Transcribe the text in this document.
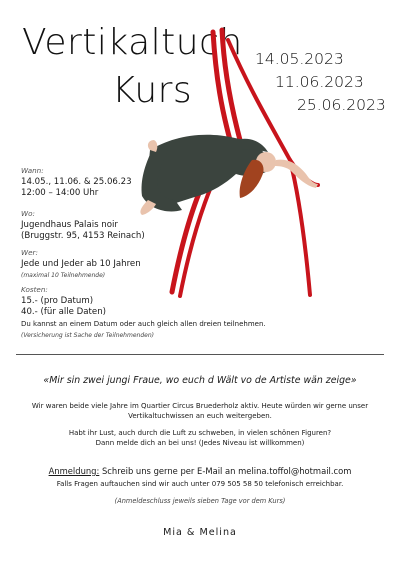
Vertikaltuch
Kurs
14.05.2023
11.06.2023
25.06.2023
Wann:
14.05., 11.06. & 25.06.23
12:00 – 14:00 Uhr
Wo:
Jugendhaus Palais noir
(Bruggstr. 95, 4153 Reinach)
Wer:
Jede und Jeder ab 10 Jahren
(maximal 10 Teilnehmende)
Kosten:
15.- (pro Datum)
40.- (für alle Daten)
Du kannst an einem Datum oder auch gleich allen dreien teilnehmen.
(Versicherung ist Sache der Teilnehmenden)
«Mir sin zwei jungi Fraue, wo euch d Wält vo de Artiste wän zeige»
Wir waren beide viele Jahre im Quartier Circus Bruederholz aktiv. Heute würden wir gerne unser
Vertikaltuchwissen an euch weitergeben.
Habt ihr Lust, auch durch die Luft zu schweben, in vielen schönen Figuren?
Dann melde dich an bei uns! (Jedes Niveau ist willkommen)
Anmeldung: Schreib uns gerne per E-Mail an melina.toffol@hotmail.com
Falls Fragen auftauchen sind wir auch unter 079 505 58 50 telefonisch erreichbar.
(Anmeldeschluss jeweils sieben Tage vor dem Kurs)
Mia & Melina
